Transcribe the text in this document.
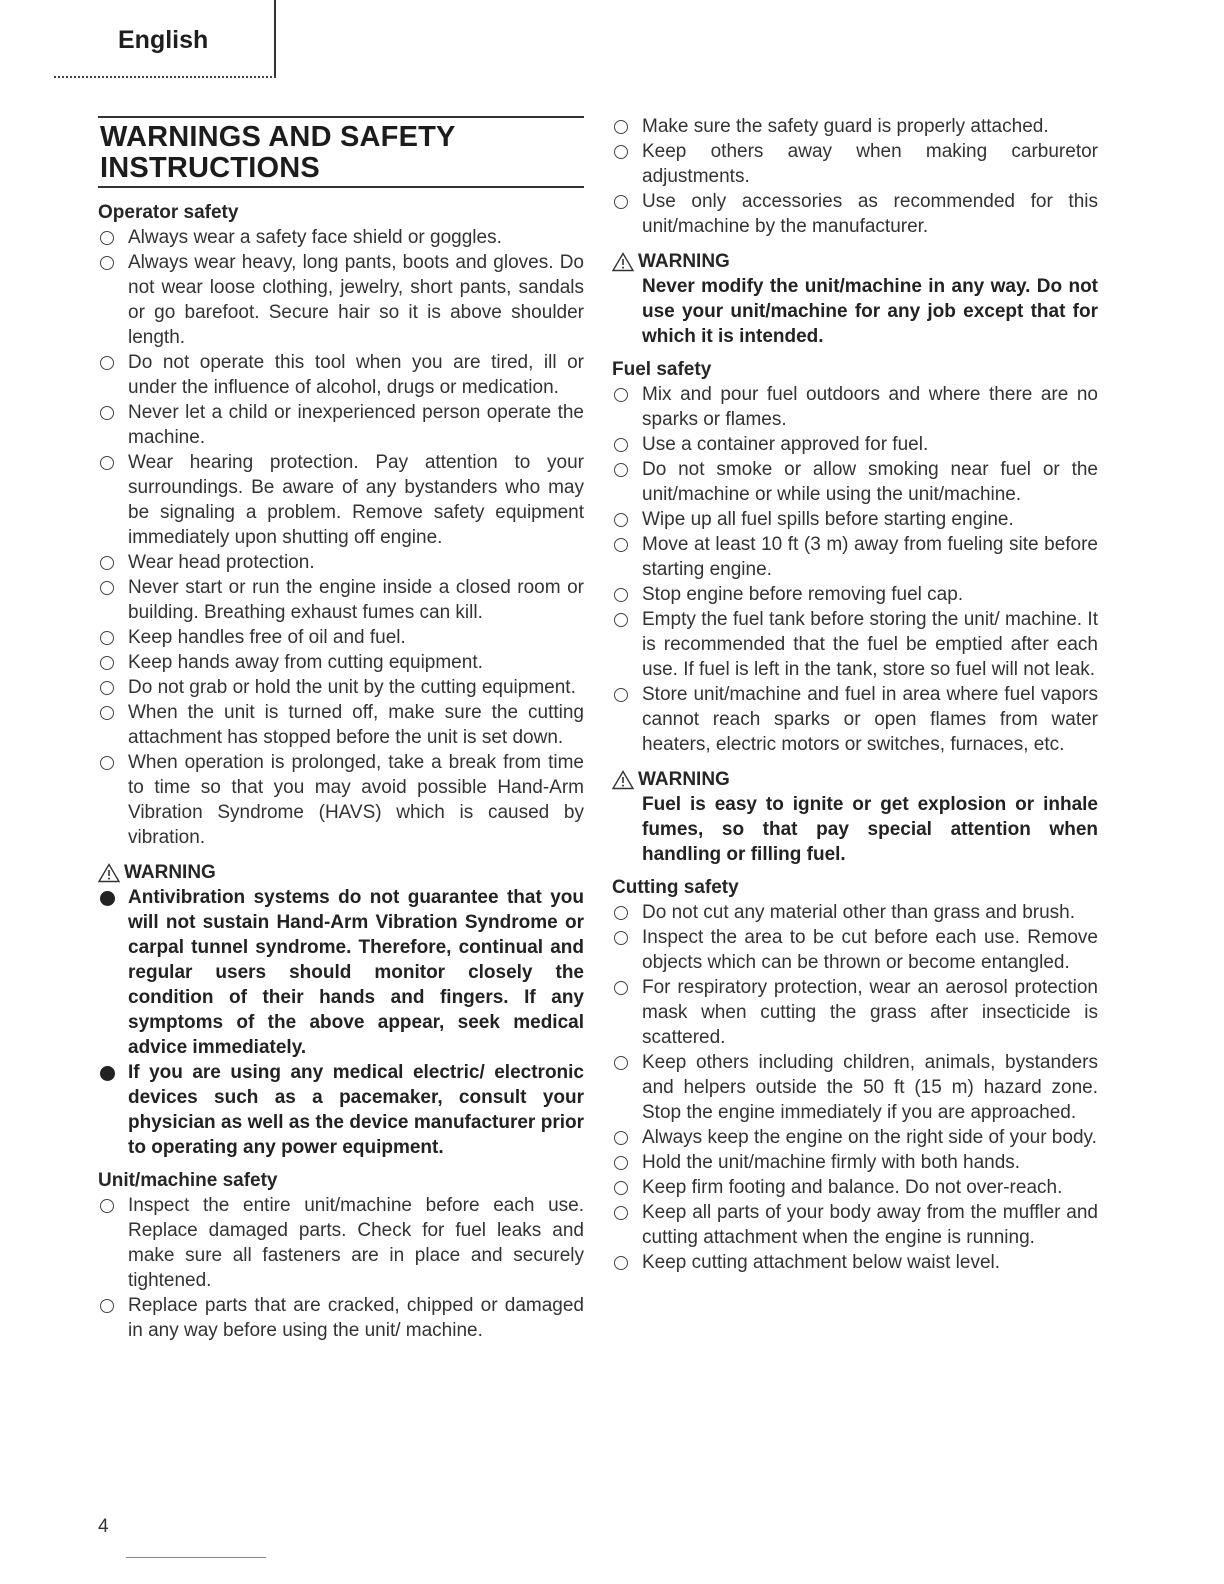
English
WARNINGS AND SAFETY INSTRUCTIONS
Operator safety
Always wear a safety face shield or goggles.
Always wear heavy, long pants, boots and gloves. Do not wear loose clothing, jewelry, short pants, sandals or go barefoot. Secure hair so it is above shoulder length.
Do not operate this tool when you are tired, ill or under the influence of alcohol, drugs or medication.
Never let a child or inexperienced person operate the machine.
Wear hearing protection. Pay attention to your surroundings. Be aware of any bystanders who may be signaling a problem. Remove safety equipment immediately upon shutting off engine.
Wear head protection.
Never start or run the engine inside a closed room or building. Breathing exhaust fumes can kill.
Keep handles free of oil and fuel.
Keep hands away from cutting equipment.
Do not grab or hold the unit by the cutting equipment.
When the unit is turned off, make sure the cutting attachment has stopped before the unit is set down.
When operation is prolonged, take a break from time to time so that you may avoid possible Hand-Arm Vibration Syndrome (HAVS) which is caused by vibration.
WARNING
Antivibration systems do not guarantee that you will not sustain Hand-Arm Vibration Syndrome or carpal tunnel syndrome. Therefore, continual and regular users should monitor closely the condition of their hands and fingers. If any symptoms of the above appear, seek medical advice immediately.
If you are using any medical electric/ electronic devices such as a pacemaker, consult your physician as well as the device manufacturer prior to operating any power equipment.
Unit/machine safety
Inspect the entire unit/machine before each use. Replace damaged parts. Check for fuel leaks and make sure all fasteners are in place and securely tightened.
Replace parts that are cracked, chipped or damaged in any way before using the unit/ machine.
Make sure the safety guard is properly attached.
Keep others away when making carburetor adjustments.
Use only accessories as recommended for this unit/machine by the manufacturer.
WARNING
Never modify the unit/machine in any way. Do not use your unit/machine for any job except that for which it is intended.
Fuel safety
Mix and pour fuel outdoors and where there are no sparks or flames.
Use a container approved for fuel.
Do not smoke or allow smoking near fuel or the unit/machine or while using the unit/machine.
Wipe up all fuel spills before starting engine.
Move at least 10 ft (3 m) away from fueling site before starting engine.
Stop engine before removing fuel cap.
Empty the fuel tank before storing the unit/ machine. It is recommended that the fuel be emptied after each use. If fuel is left in the tank, store so fuel will not leak.
Store unit/machine and fuel in area where fuel vapors cannot reach sparks or open flames from water heaters, electric motors or switches, furnaces, etc.
WARNING
Fuel is easy to ignite or get explosion or inhale fumes, so that pay special attention when handling or filling fuel.
Cutting safety
Do not cut any material other than grass and brush.
Inspect the area to be cut before each use. Remove objects which can be thrown or become entangled.
For respiratory protection, wear an aerosol protection mask when cutting the grass after insecticide is scattered.
Keep others including children, animals, bystanders and helpers outside the 50 ft (15 m) hazard zone. Stop the engine immediately if you are approached.
Always keep the engine on the right side of your body.
Hold the unit/machine firmly with both hands.
Keep firm footing and balance. Do not over-reach.
Keep all parts of your body away from the muffler and cutting attachment when the engine is running.
Keep cutting attachment below waist level.
4
